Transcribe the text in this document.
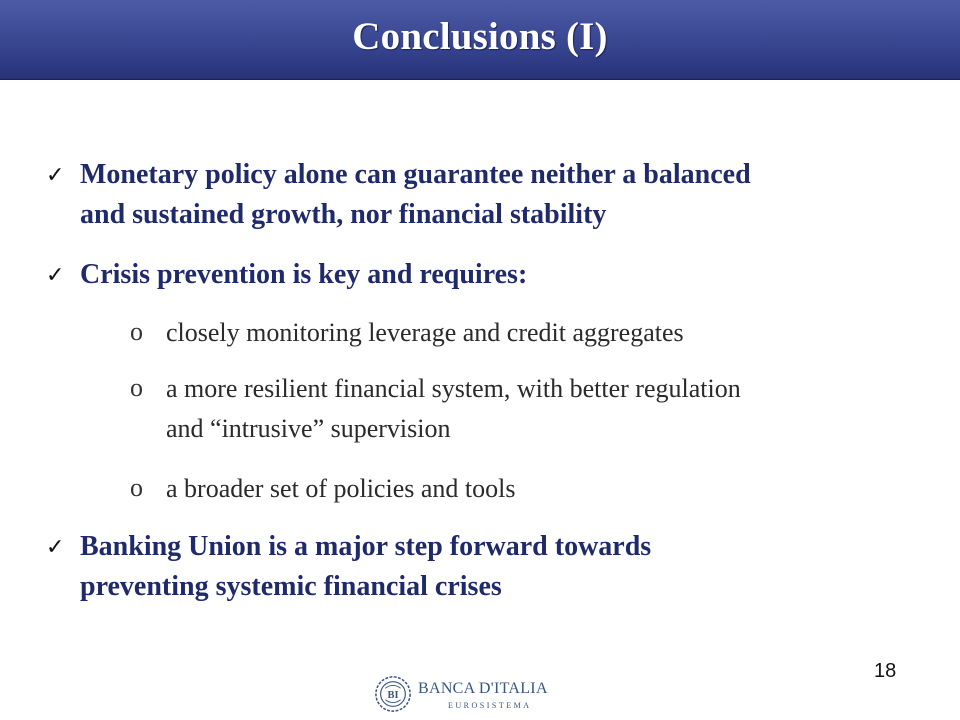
Conclusions (I)
✓ Monetary policy alone can guarantee neither a balanced
and sustained growth, nor financial stability
✓ Crisis prevention is key and requires:
o closely monitoring leverage and credit aggregates
o a more resilient financial system, with better regulation
and “intrusive” supervision
o a broader set of policies and tools
✓ Banking Union is a major step forward towards
preventing systemic financial crises
18
BI BANCA D'ITALIA
EUROSISTEMA
